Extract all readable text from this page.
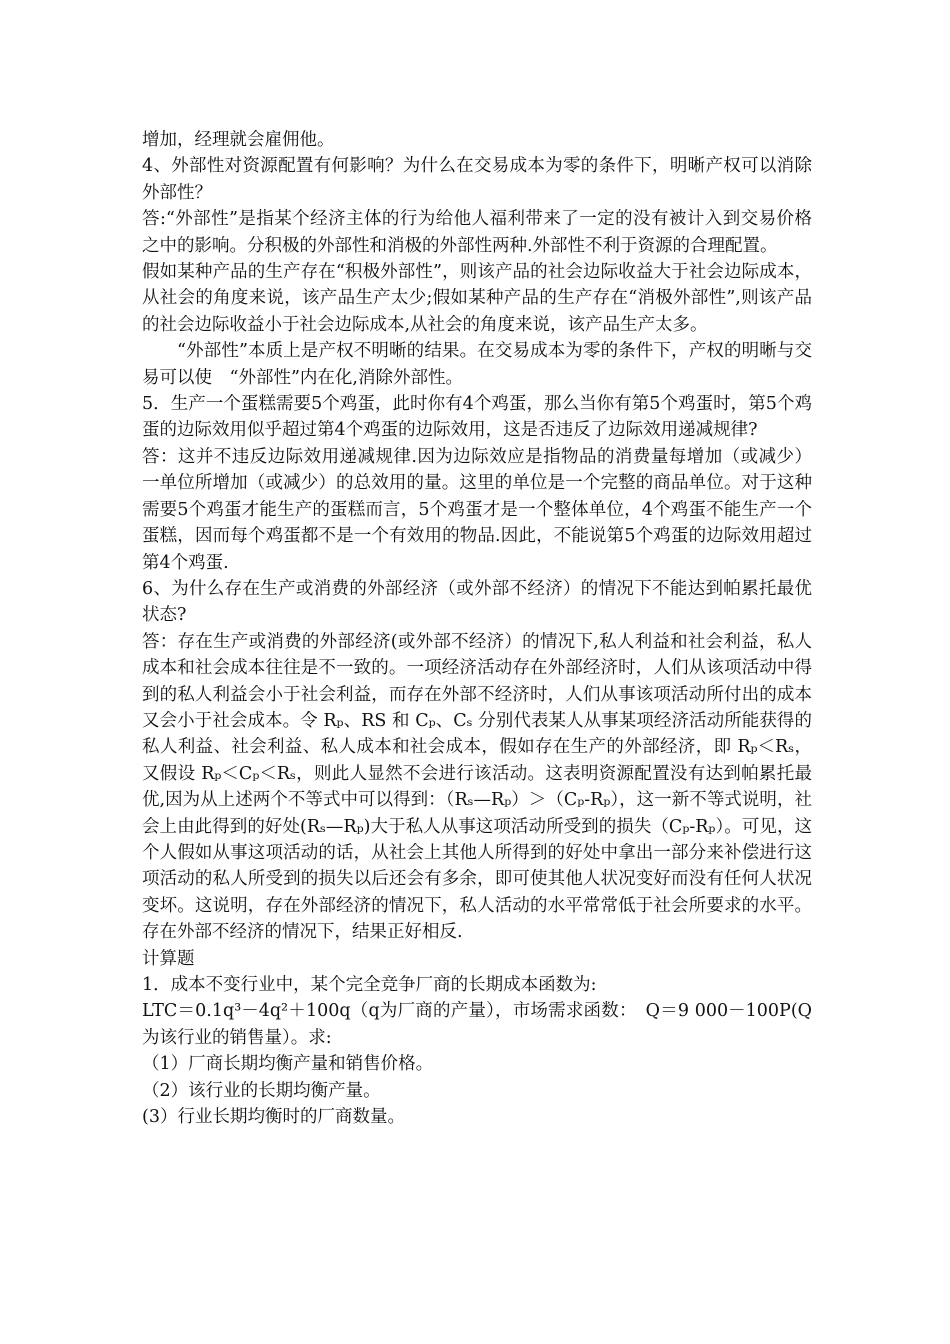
增加，经理就会雇佣他。

4、外部性对资源配置有何影响？为什么在交易成本为零的条件下，明晰产权可以消除外部性？

答:“外部性”是指某个经济主体的行为给他人福利带来了一定的没有被计入到交易价格之中的影响。分积极的外部性和消极的外部性两种.外部性不利于资源的合理配置。

假如某种产品的生产存在“积极外部性”，则该产品的社会边际收益大于社会边际成本，从社会的角度来说，该产品生产太少;假如某种产品的生产存在“消极外部性”,则该产品的社会边际收益小于社会边际成本,从社会的角度来说，该产品生产太多。

“外部性”本质上是产权不明晰的结果。在交易成本为零的条件下，产权的明晰与交易可以使　“外部性”内在化,消除外部性。

5．生产一个蛋糕需要5个鸡蛋，此时你有4个鸡蛋，那么当你有第5个鸡蛋时，第5个鸡蛋的边际效用似乎超过第4个鸡蛋的边际效用，这是否违反了边际效用递减规律?

答：这并不违反边际效用递减规律.因为边际效应是指物品的消费量每增加（或减少）一单位所增加（或减少）的总效用的量。这里的单位是一个完整的商品单位。对于这种需要5个鸡蛋才能生产的蛋糕而言，5个鸡蛋才是一个整体单位，4个鸡蛋不能生产一个蛋糕，因而每个鸡蛋都不是一个有效用的物品.因此，不能说第5个鸡蛋的边际效用超过第4个鸡蛋.

6、为什么存在生产或消费的外部经济（或外部不经济）的情况下不能达到帕累托最优状态?

答：存在生产或消费的外部经济(或外部不经济）的情况下,私人利益和社会利益，私人成本和社会成本往往是不一致的。一项经济活动存在外部经济时，人们从该项活动中得到的私人利益会小于社会利益，而存在外部不经济时，人们从事该项活动所付出的成本又会小于社会成本。令 Rₚ、RS 和 Cₚ、Cₛ 分别代表某人从事某项经济活动所能获得的私人利益、社会利益、私人成本和社会成本，假如存在生产的外部经济，即 Rₚ＜Rₛ，又假设 Rₚ＜Cₚ＜Rₛ，则此人显然不会进行该活动。这表明资源配置没有达到帕累托最优,因为从上述两个不等式中可以得到：（Rₛ—Rₚ）＞（Cₚ-Rₚ），这一新不等式说明，社会上由此得到的好处(Rₛ—Rₚ)大于私人从事这项活动所受到的损失（Cₚ-Rₚ）。可见，这个人假如从事这项活动的话，从社会上其他人所得到的好处中拿出一部分来补偿进行这项活动的私人所受到的损失以后还会有多余，即可使其他人状况变好而没有任何人状况变坏。这说明，存在外部经济的情况下，私人活动的水平常常低于社会所要求的水平。存在外部不经济的情况下，结果正好相反.

计算题

1．成本不变行业中，某个完全竞争厂商的长期成本函数为:

LTC＝0.1q³－4q²＋100q（q为厂商的产量），市场需求函数：　Q＝9 000－100P(Q为该行业的销售量）。求:

（1）厂商长期均衡产量和销售价格。

（2）该行业的长期均衡产量。

(3）行业长期均衡时的厂商数量。
